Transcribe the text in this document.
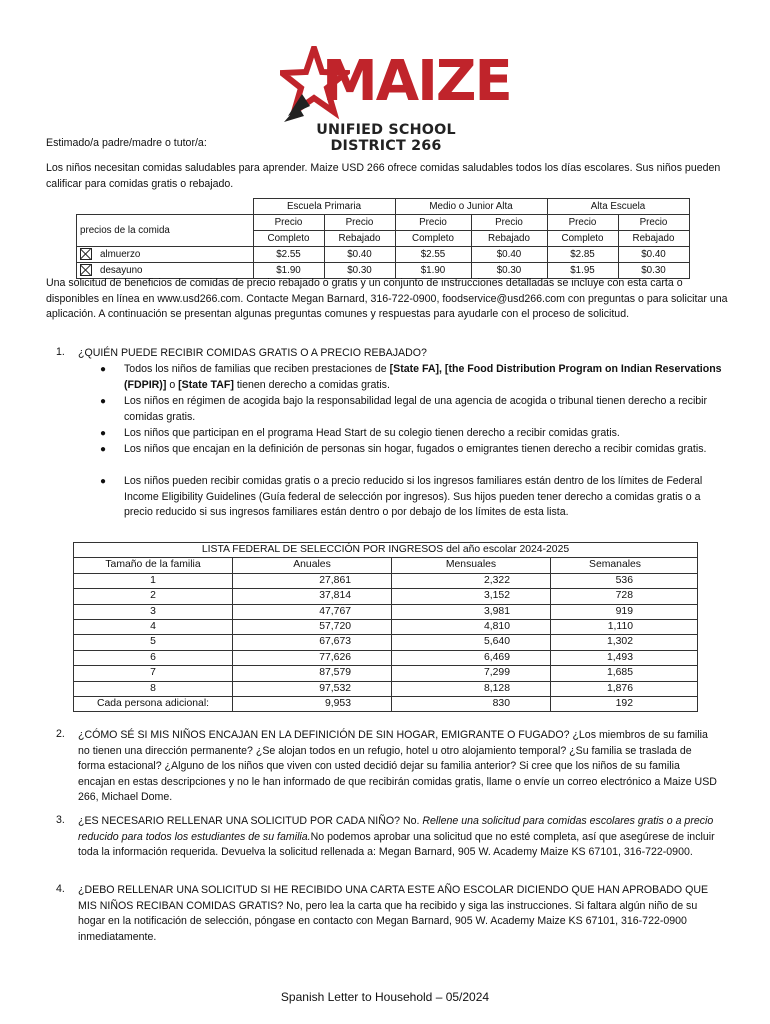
MAIZE
UNIFIED SCHOOL DISTRICT 266
Estimado/a padre/madre o tutor/a:
Los niños necesitan comidas saludables para aprender. Maize USD 266 ofrece comidas saludables todos los días escolares. Sus niños pueden calificar para comidas gratis o rebajado.
	Escuela Primaria		Medio o Junior Alta		Alta Escuela	
precios de la comida	Precio	Precio	Precio	Precio	Precio	Precio
	Completo	Rebajado	Completo	Rebajado	Completo	Rebajado
almuerzo	$2.55	$0.40	$2.55	$0.40	$2.85	$0.40
desayuno	$1.90	$0.30	$1.90	$0.30	$1.95	$0.30
Una solicitud de beneficios de comidas de precio rebajado o gratis y un conjunto de instrucciones detalladas se incluye con esta carta o disponibles en línea en www.usd266.com. Contacte Megan Barnard, 316-722-0900, foodservice@usd266.com con preguntas o para solicitar una aplicación. A continuación se presentan algunas preguntas comunes y respuestas para ayudarle con el proceso de solicitud.
1. ¿QUIÉN PUEDE RECIBIR COMIDAS GRATIS O A PRECIO REBAJADO?
● Todos los niños de familias que reciben prestaciones de [State FA], [the Food Distribution Program on Indian Reservations (FDPIR)] o [State TAF] tienen derecho a comidas gratis.
● Los niños en régimen de acogida bajo la responsabilidad legal de una agencia de acogida o tribunal tienen derecho a recibir comidas gratis.
● Los niños que participan en el programa Head Start de su colegio tienen derecho a recibir comidas gratis.
● Los niños que encajan en la definición de personas sin hogar, fugados o emigrantes tienen derecho a recibir comidas gratis.
● Los niños pueden recibir comidas gratis o a precio reducido si los ingresos familiares están dentro de los límites de Federal Income Eligibility Guidelines (Guía federal de selección por ingresos). Sus hijos pueden tener derecho a comidas gratis o a precio reducido si sus ingresos familiares están dentro o por debajo de los límites de esta lista.
LISTA FEDERAL DE SELECCIÓN POR INGRESOS del año escolar 2024-2025			
Tamaño de la familia	Anuales	Mensuales	Semanales
1	27,861	2,322	536
2	37,814	3,152	728
3	47,767	3,981	919
4	57,720	4,810	1,110
5	67,673	5,640	1,302
6	77,626	6,469	1,493
7	87,579	7,299	1,685
8	97,532	8,128	1,876
Cada persona adicional:	9,953	830	192
2. ¿CÓMO SÉ SI MIS NIÑOS ENCAJAN EN LA DEFINICIÓN DE SIN HOGAR, EMIGRANTE O FUGADO? ¿Los miembros de su familia no tienen una dirección permanente? ¿Se alojan todos en un refugio, hotel u otro alojamiento temporal? ¿Su familia se traslada de forma estacional? ¿Alguno de los niños que viven con usted decidió dejar su familia anterior? Si cree que los niños de su familia encajan en estas descripciones y no le han informado de que recibirán comidas gratis, llame o envíe un correo electrónico a Maize USD 266, Michael Dome.
3. ¿ES NECESARIO RELLENAR UNA SOLICITUD POR CADA NIÑO? No. Rellene una solicitud para comidas escolares gratis o a precio reducido para todos los estudiantes de su familia.No podemos aprobar una solicitud que no esté completa, así que asegúrese de incluir toda la información requerida. Devuelva la solicitud rellenada a: Megan Barnard, 905 W. Academy Maize KS 67101, 316-722-0900.
4. ¿DEBO RELLENAR UNA SOLICITUD SI HE RECIBIDO UNA CARTA ESTE AÑO ESCOLAR DICIENDO QUE HAN APROBADO QUE MIS NIÑOS RECIBAN COMIDAS GRATIS? No, pero lea la carta que ha recibido y siga las instrucciones. Si faltara algún niño de su hogar en la notificación de selección, póngase en contacto con Megan Barnard, 905 W. Academy Maize KS 67101, 316-722-0900 inmediatamente.
Spanish Letter to Household – 05/2024
